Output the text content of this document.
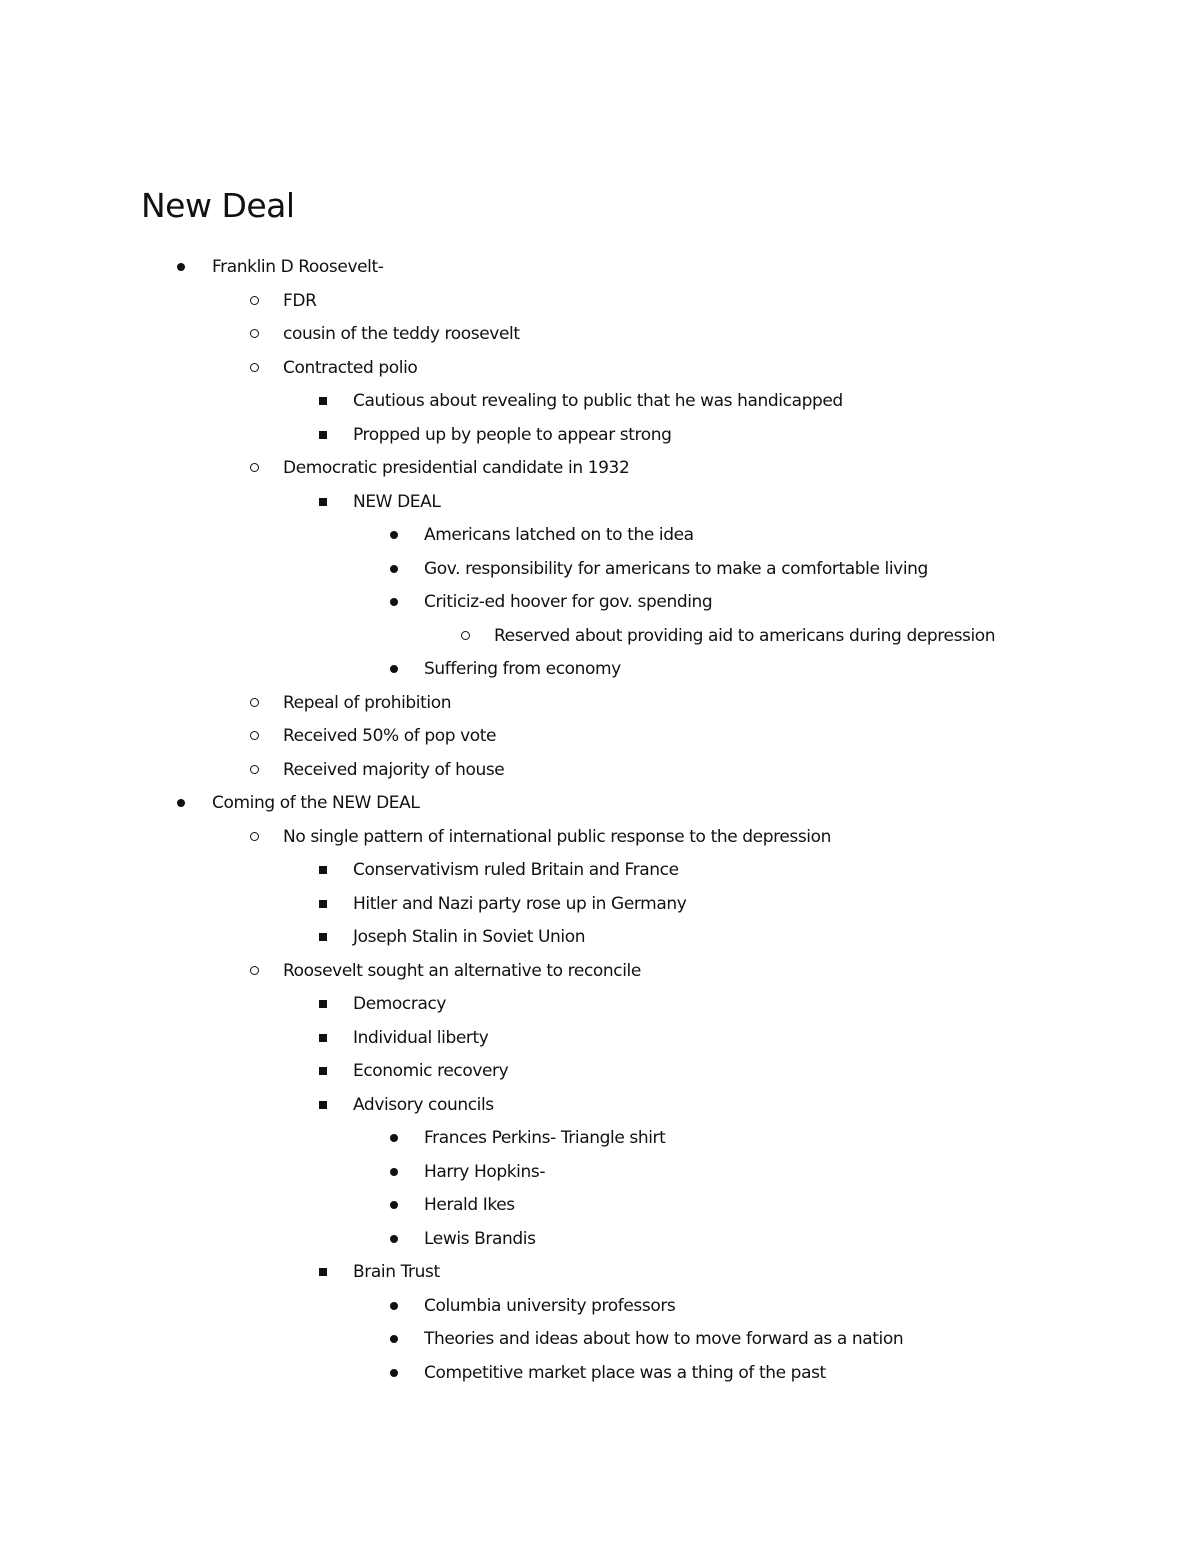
New Deal
Franklin D Roosevelt-
FDR
cousin of the teddy roosevelt
Contracted polio
Cautious about revealing to public that he was handicapped
Propped up by people to appear strong
Democratic presidential candidate in 1932
NEW DEAL
Americans latched on to the idea
Gov. responsibility for americans to make a comfortable living
Criticiz-ed hoover for gov. spending
Reserved about providing aid to americans during depression
Suffering from economy
Repeal of prohibition
Received 50% of pop vote
Received majority of house
Coming of the NEW DEAL
No single pattern of international public response to the depression
Conservativism ruled Britain and France
Hitler and Nazi party rose up in Germany
Joseph Stalin in Soviet Union
Roosevelt sought an alternative to reconcile
Democracy
Individual liberty
Economic recovery
Advisory councils
Frances Perkins- Triangle shirt
Harry Hopkins-
Herald Ikes
Lewis Brandis
Brain Trust
Columbia university professors
Theories and ideas about how to move forward as a nation
Competitive market place was a thing of the past
